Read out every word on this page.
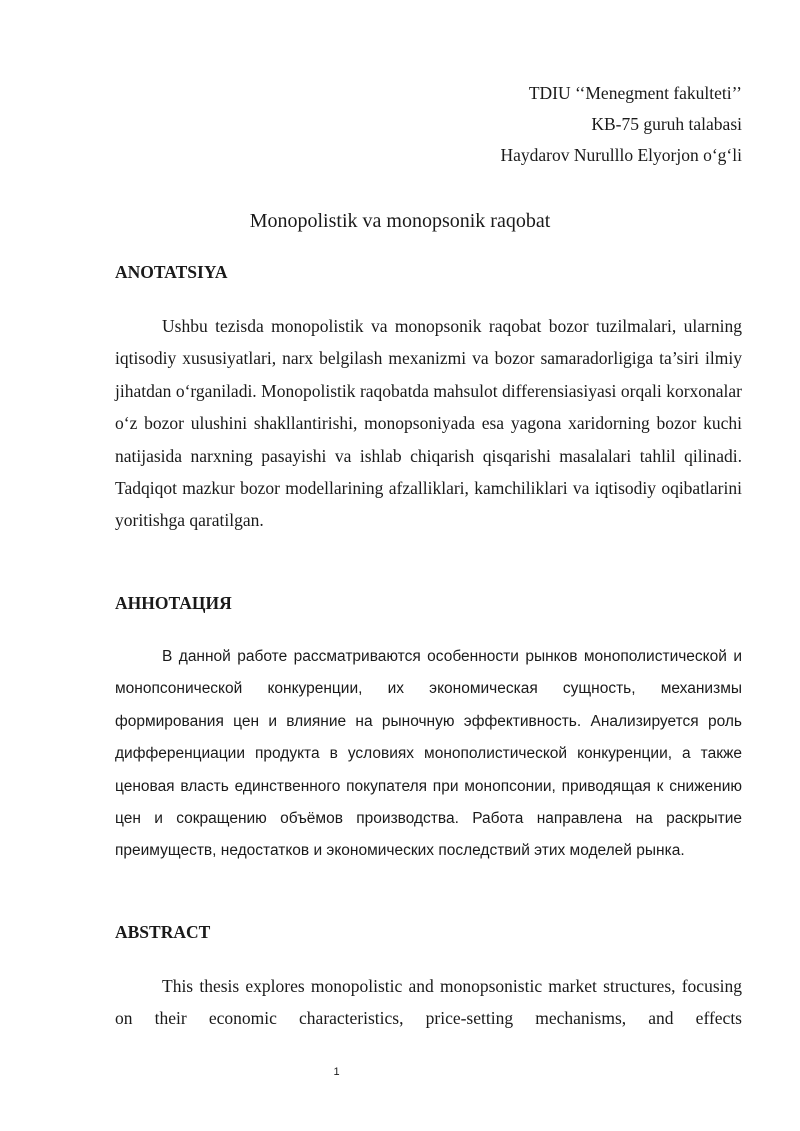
TDIU ‘‘Menegment fakulteti’’
KB-75 guruh talabasi
Haydarov Nurulllo Elyorjon o‘g‘li
Monopolistik va monopsonik raqobat
ANOTATSIYA

Ushbu tezisda monopolistik va monopsonik raqobat bozor tuzilmalari, ularning iqtisodiy xususiyatlari, narx belgilash mexanizmi va bozor samaradorligiga ta’siri ilmiy jihatdan o‘rganiladi. Monopolistik raqobatda mahsulot differensiasiyasi orqali korxonalar o‘z bozor ulushini shakllantirishi, monopsoniyada esa yagona xaridorning bozor kuchi natijasida narxning pasayishi va ishlab chiqarish qisqarishi masalalari tahlil qilinadi. Tadqiqot mazkur bozor modellarining afzalliklari, kamchiliklari va iqtisodiy oqibatlarini yoritishga qaratilgan.

АННОТАЦИЯ

В данной работе рассматриваются особенности рынков монополистической и монопсонической конкуренции, их экономическая сущность, механизмы формирования цен и влияние на рыночную эффективность. Анализируется роль дифференциации продукта в условиях монополистической конкуренции, а также ценовая власть единственного покупателя при монопсонии, приводящая к снижению цен и сокращению объёмов производства. Работа направлена на раскрытие преимуществ, недостатков и экономических последствий этих моделей рынка.

ABSTRACT

This thesis explores monopolistic and monopsonistic market structures, focusing on their economic characteristics, price-setting mechanisms, and effects

1
